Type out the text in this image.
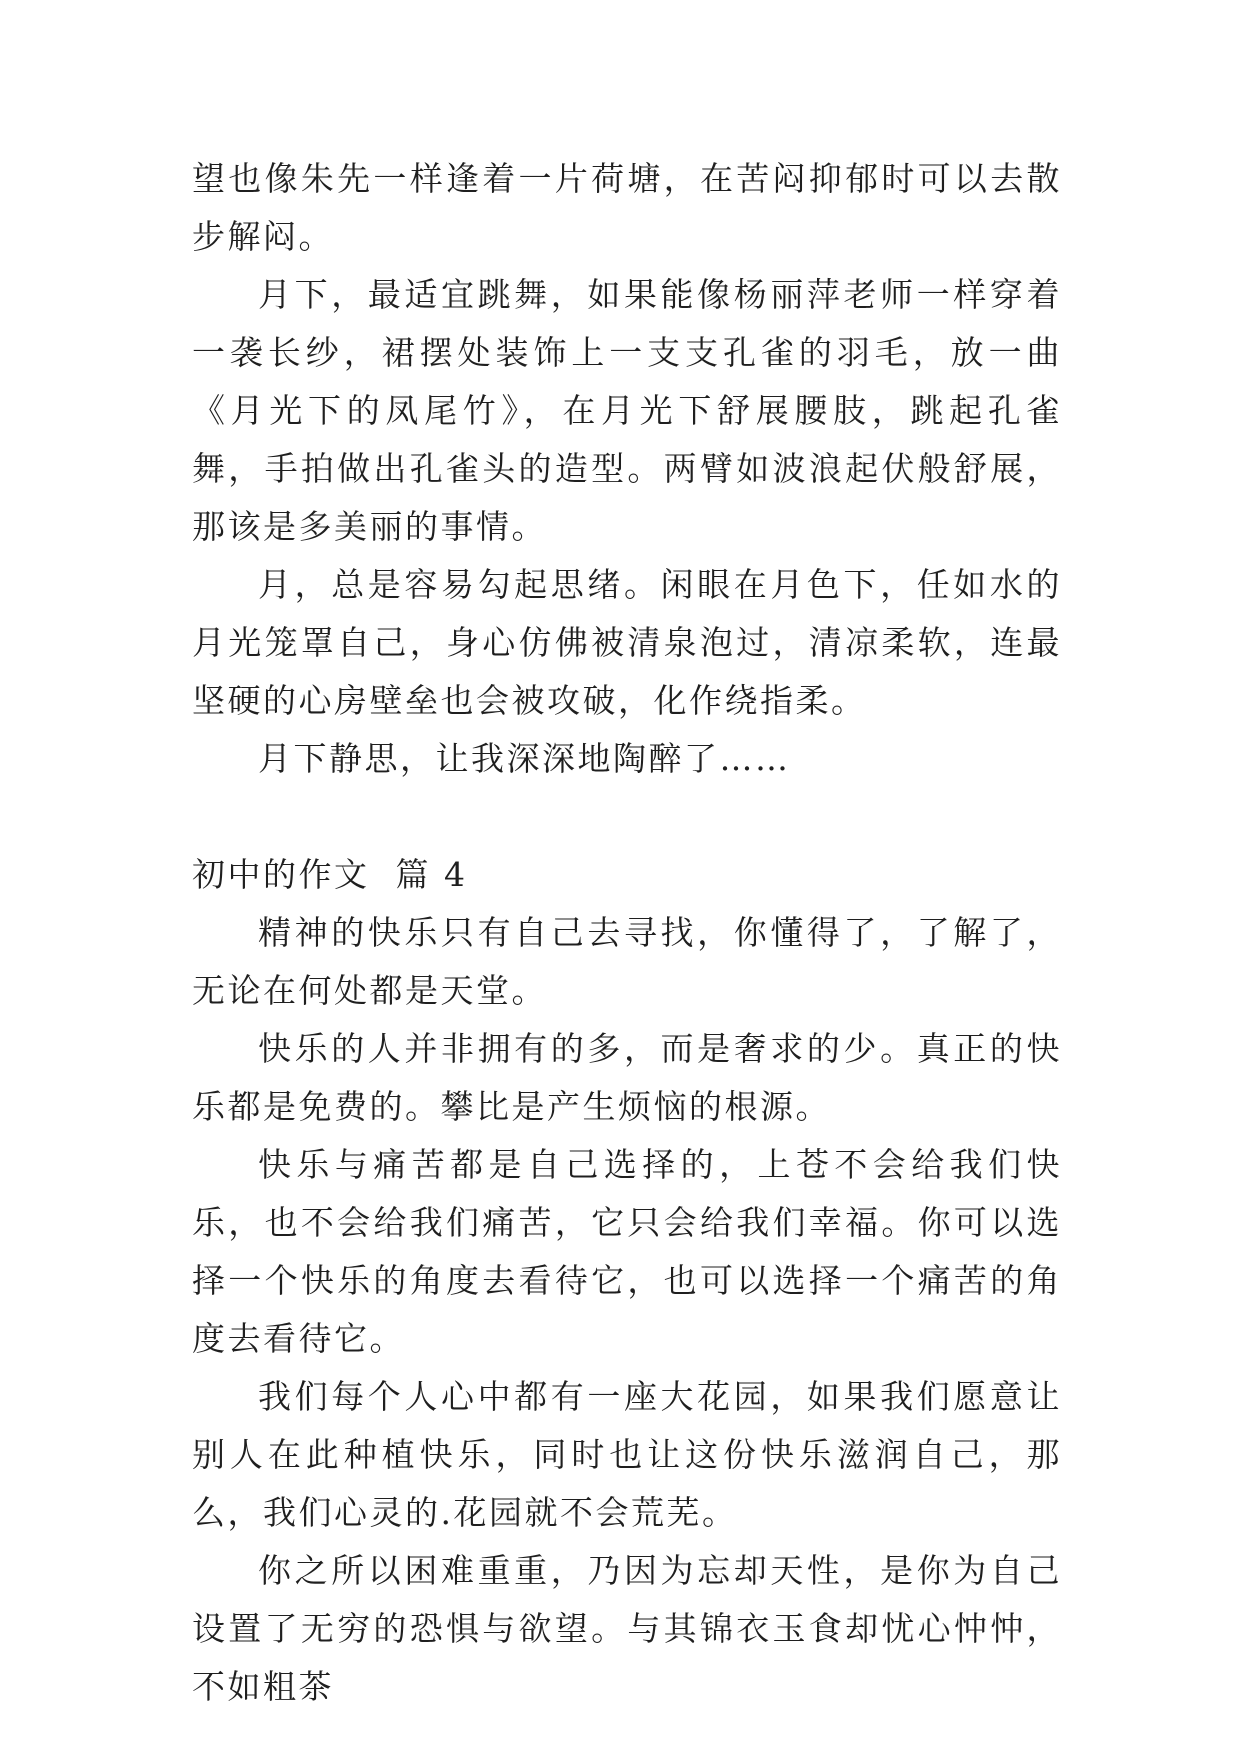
望也像朱先一样逢着一片荷塘，在苦闷抑郁时可以去散步解闷。

月下，最适宜跳舞，如果能像杨丽萍老师一样穿着一袭长纱，裙摆处装饰上一支支孔雀的羽毛，放一曲《月光下的凤尾竹》，在月光下舒展腰肢，跳起孔雀舞，手拍做出孔雀头的造型。两臂如波浪起伏般舒展，那该是多美丽的事情。

月，总是容易勾起思绪。闲眼在月色下，任如水的月光笼罩自己，身心仿佛被清泉泡过，清凉柔软，连最坚硬的心房壁垒也会被攻破，化作绕指柔。

月下静思，让我深深地陶醉了……

初中的作文  篇 4

精神的快乐只有自己去寻找，你懂得了，了解了，无论在何处都是天堂。

快乐的人并非拥有的多，而是奢求的少。真正的快乐都是免费的。攀比是产生烦恼的根源。

快乐与痛苦都是自己选择的，上苍不会给我们快乐，也不会给我们痛苦，它只会给我们幸福。你可以选择一个快乐的角度去看待它，也可以选择一个痛苦的角度去看待它。

我们每个人心中都有一座大花园，如果我们愿意让别人在此种植快乐，同时也让这份快乐滋润自己，那么，我们心灵的.花园就不会荒芜。

你之所以困难重重，乃因为忘却天性，是你为自己设置了无穷的恐惧与欲望。与其锦衣玉食却忧心忡忡，不如粗茶
